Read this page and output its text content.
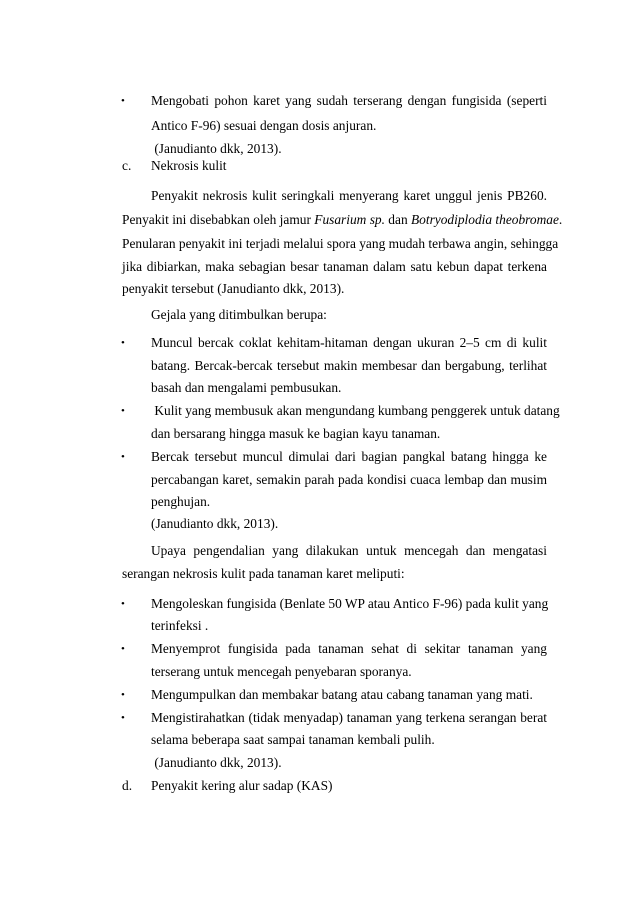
• Mengobati pohon karet yang sudah terserang dengan fungisida (seperti
Antico F-96) sesuai dengan dosis anjuran.
(Janudianto dkk, 2013).
c. Nekrosis kulit
Penyakit nekrosis kulit seringkali menyerang karet unggul jenis PB260.
Penyakit ini disebabkan oleh jamur Fusarium sp. dan Botryodiplodia theobromae.
Penularan penyakit ini terjadi melalui spora yang mudah terbawa angin, sehingga
jika dibiarkan, maka sebagian besar tanaman dalam satu kebun dapat terkena
penyakit tersebut (Janudianto dkk, 2013).
Gejala yang ditimbulkan berupa:
• Muncul bercak coklat kehitam-hitaman dengan ukuran 2–5 cm di kulit
batang. Bercak-bercak tersebut makin membesar dan bergabung, terlihat
basah dan mengalami pembusukan.
• Kulit yang membusuk akan mengundang kumbang penggerek untuk datang
dan bersarang hingga masuk ke bagian kayu tanaman.
• Bercak tersebut muncul dimulai dari bagian pangkal batang hingga ke
percabangan karet, semakin parah pada kondisi cuaca lembap dan musim
penghujan.
(Janudianto dkk, 2013).
Upaya pengendalian yang dilakukan untuk mencegah dan mengatasi
serangan nekrosis kulit pada tanaman karet meliputi:
• Mengoleskan fungisida (Benlate 50 WP atau Antico F-96) pada kulit yang
terinfeksi .
• Menyemprot fungisida pada tanaman sehat di sekitar tanaman yang
terserang untuk mencegah penyebaran sporanya.
• Mengumpulkan dan membakar batang atau cabang tanaman yang mati.
• Mengistirahatkan (tidak menyadap) tanaman yang terkena serangan berat
selama beberapa saat sampai tanaman kembali pulih.
(Janudianto dkk, 2013).
d. Penyakit kering alur sadap (KAS)
